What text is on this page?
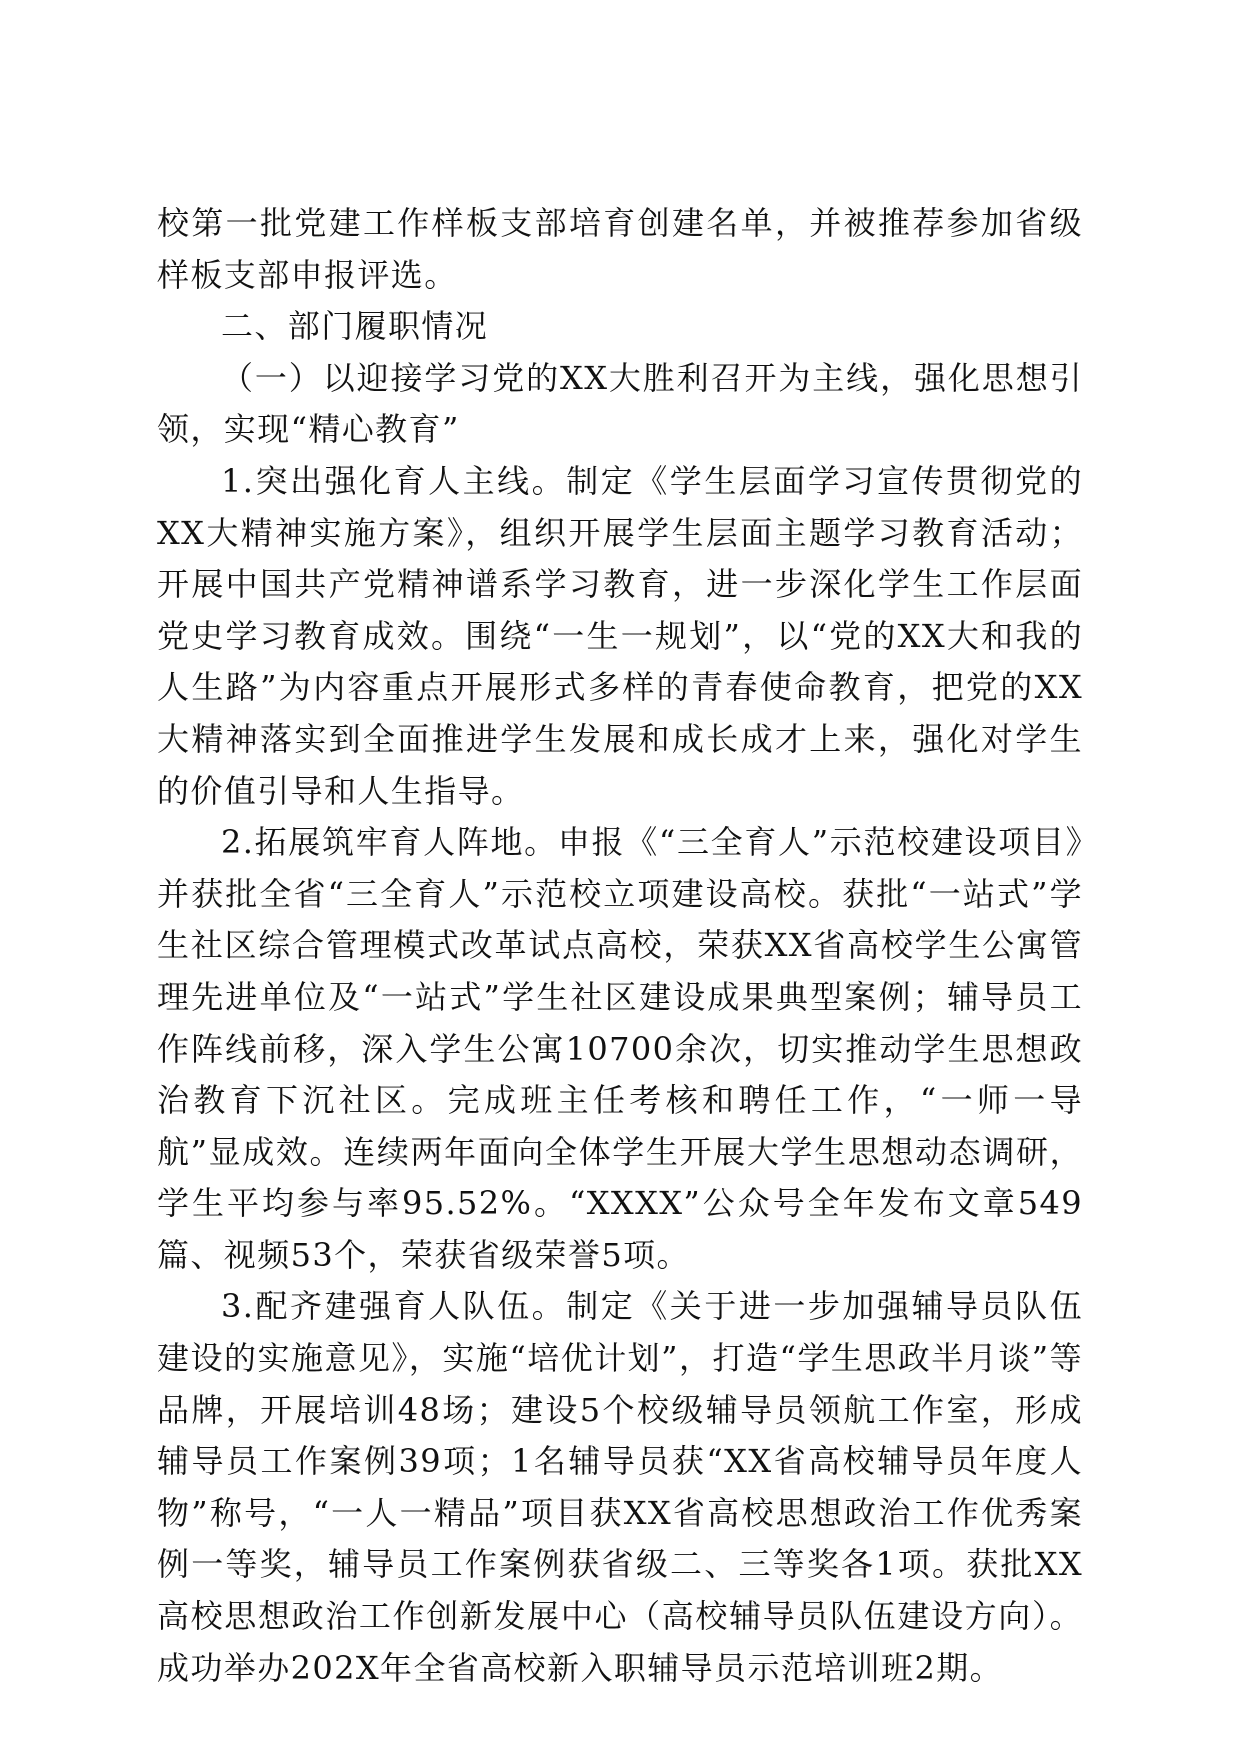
校第一批党建工作样板支部培育创建名单，并被推荐参加省级样板支部申报评选。

二、部门履职情况

（一）以迎接学习党的XX大胜利召开为主线，强化思想引领，实现“精心教育”

1.突出强化育人主线。制定《学生层面学习宣传贯彻党的XX大精神实施方案》，组织开展学生层面主题学习教育活动；开展中国共产党精神谱系学习教育，进一步深化学生工作层面党史学习教育成效。围绕“一生一规划”，以“党的XX大和我的人生路”为内容重点开展形式多样的青春使命教育，把党的XX大精神落实到全面推进学生发展和成长成才上来，强化对学生的价值引导和人生指导。

2.拓展筑牢育人阵地。申报《“三全育人”示范校建设项目》并获批全省“三全育人”示范校立项建设高校。获批“一站式”学生社区综合管理模式改革试点高校，荣获XX省高校学生公寓管理先进单位及“一站式”学生社区建设成果典型案例；辅导员工作阵线前移，深入学生公寓10700余次，切实推动学生思想政治教育下沉社区。完成班主任考核和聘任工作，“一师一导航”显成效。连续两年面向全体学生开展大学生思想动态调研，学生平均参与率95.52%。“XXXX”公众号全年发布文章549篇、视频53个，荣获省级荣誉5项。

3.配齐建强育人队伍。制定《关于进一步加强辅导员队伍建设的实施意见》，实施“培优计划”，打造“学生思政半月谈”等品牌，开展培训48场；建设5个校级辅导员领航工作室，形成辅导员工作案例39项；1名辅导员获“XX省高校辅导员年度人物”称号，“一人一精品”项目获XX省高校思想政治工作优秀案例一等奖，辅导员工作案例获省级二、三等奖各1项。获批XX高校思想政治工作创新发展中心（高校辅导员队伍建设方向）。成功举办202X年全省高校新入职辅导员示范培训班2期。
